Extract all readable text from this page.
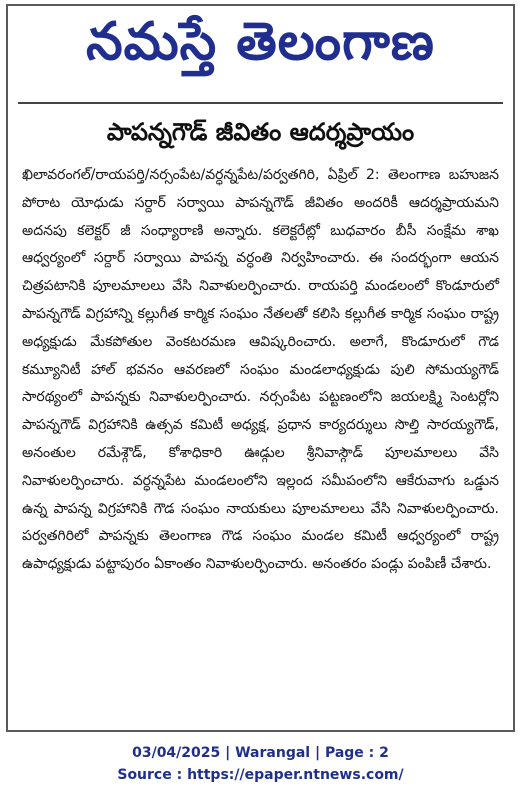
నమస్తే తెలంగాణ
పాపన్నగౌడ్ జీవితం ఆదర్శప్రాయం
ఖిలావరంగల్/రాయపర్తి/నర్సంపేట/వర్ధన్నపేట/పర్వతగిరి, ఏప్రిల్ 2: తెలంగాణ బహుజన పోరాట యోధుడు సర్దార్ సర్వాయి పాపన్నగౌడ్ జీవితం అందరికీ ఆదర్శప్రాయమని అదనపు కలెక్టర్ జీ సంధ్యారాణి అన్నారు. కలెక్టరేట్లో బుధవారం బీసీ సంక్షేమ శాఖ ఆధ్వర్యంలో సర్దార్ సర్వాయి పాపన్న వర్ధంతి నిర్వహించారు. ఈ సందర్భంగా ఆయన చిత్రపటానికి పూలమాలలు వేసి నివాళులర్పించారు. రాయపర్తి మండలంలో కొండూరులో పాపన్నగౌడ్ విగ్రహాన్ని కల్లుగీత కార్మిక సంఘం నేతలతో కలిసి కల్లుగీత కార్మిక సంఘం రాష్ట్ర అధ్యక్షుడు మేకపోతుల వెంకటరమణ ఆవిష్కరించారు. అలాగే, కొండూరులో గౌడ కమ్యూనిటీ హాల్ భవనం ఆవరణలో సంఘం మండలాధ్యక్షుడు పులి సోమయ్యగౌడ్ సారథ్యంలో పాపన్నకు నివాళులర్పించారు. నర్సంపేట పట్టణంలోని జయలక్ష్మి సెంటర్లోని పాపన్నగౌడ్ విగ్రహానికి ఉత్సవ కమిటీ అధ్యక్ష, ప్రధాన కార్యదర్శులు సొల్తి సారయ్యగౌడ్, అనంతుల రమేశ్గౌడ్, కోశాధికారి ఊడ్గుల శ్రీనివాస్గౌడ్ పూలమాలలు వేసి నివాళులర్పించారు. వర్ధన్నపేట మండలంలోని ఇల్లంద సమీపంలోని ఆకేరువాగు ఒడ్డున ఉన్న పాపన్న విగ్రహానికి గౌడ సంఘం నాయకులు పూలమాలలు వేసి నివాళులర్పించారు. పర్వతగిరిలో పాపన్నకు తెలంగాణ గౌడ సంఘం మండల కమిటీ ఆధ్వర్యంలో రాష్ట్ర ఉపాధ్యక్షుడు పట్టాపురం ఏకాంతం నివాళులర్పించారు. అనంతరం పండ్లు పంపిణీ చేశారు.
03/04/2025 | Warangal | Page : 2
Source : https://epaper.ntnews.com/
